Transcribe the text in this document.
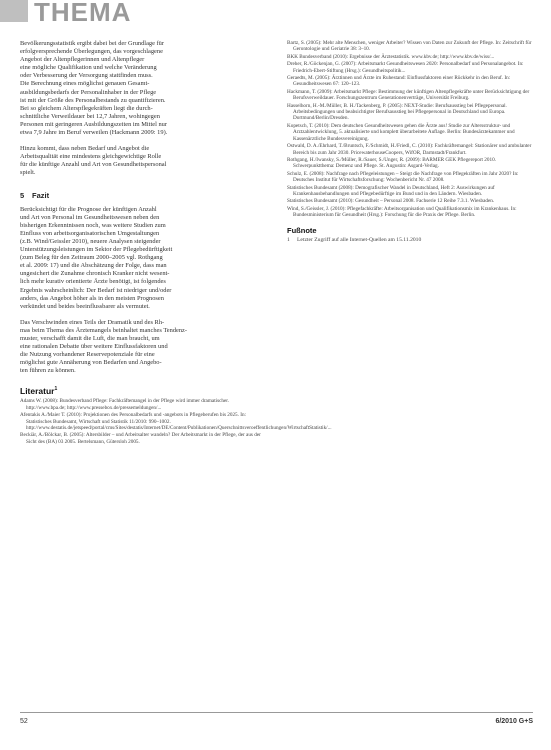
THEMA

Bevölkerungsstatistik ergibt dabei bei der Grundlage für

erfolgversprechende Überlegungen, das vorgeschlagene

Angebot der Altenpflegerinnen und Altenpfleger

eine mögliche Qualifikation und welche Veränderung

oder Verbesserung der Versorgung stattfinden muss.

Die Berechnung eines möglichst genauen Gesamt-

ausbildungsbedarfs der Personalinhaber in der Pflege

ist mit der Größe des Personalbestands zu quantifizieren.

Bei so gleichem Alterspflegekräften liegt die durch-

schnittliche Verweildauer bei 12,7 Jahren, wohingegen

Personen mit geringeren Ausbildungszeiten im Mittel nur

etwa 7,9 Jahre im Beruf verweilen (Hackmann 2009: 19).

Hinzu kommt, dass neben Bedarf und Angebot die

Arbeitsqualität eine mindestens gleichgewichtige Rolle

für die künftige Anzahl und Art von Gesundheitspersonal

spielt.

5 Fazit

Berücksichtigt für die Prognose der künftigen Anzahl

und Art von Personal im Gesundheitswesen neben den

bisherigen Erkenntnissen noch, was weitere Studien zum

Einfluss von arbeitsorganisatorischen Umgestaltungen

(z.B. Wind/Geissler 2010), neuere Analysen steigender

Unterstützungsleistungen im Sektor der Pflegebedürftigkeit

(zum Beleg für den Zeitraum 2000–2005 vgl. Rothgang

et al. 2009: 17) und die Abschätzung der Folge, dass man

ungesichert die Zunahme chronisch Kranker nicht wesent-

lich mehr kurativ orientierte Ärzte benötigt, ist folgendes

Ergebnis wahrscheinlich: Der Bedarf ist niedriger und/oder

anders, das Angebot höher als in den meisten Prognosen

verkündet und beides beeinflussbarer als vermutet.

Das Verschwinden eines Teils der Dramatik und des Rh-

mas beim Thema des Ärztemangels beinhaltet manches Tendenz-

muster, verschafft damit die Luft, die man braucht, um

eine rationalen Debatte über weitere Einflussfaktoren und

die Nutzung vorhandener Reservepotenziale für eine

möglichst gute Annäherung von Bedarfen und Angebo-

ten führen zu können.

Literatur$^1$
Adams W. (2008): Bundesverband Pflege: Fachkräftemangel in der Pflege wird immer dramatischer. http://www.bpa.de; http://www.pressebox.de/pressemeldungen/...
Afentakis A./Maier T. (2010): Projektionen des Personalbedarfs und -angebots in Pflegeberufen bis 2025. In: Statistisches Bundesamt, Wirtschaft und Statistik 11/2010: 990–1002. http://www.destatis.de/jetspeed/portal/cms/Sites/destatis/Internet/DE/Content/Publikationen/Querschnittsveroeffentlichungen/WirtschaftStatistik/...
Beckiär, A./Bölckar, B. (2005): Altersbilder – und Arbeitsalter wandeln? Der Arbeitsmarkt in der Pflege, der aus der Sicht des (BA) 03 2005. Bertelsmann, Gütersloh 2005.
Bartz, S. (2005): Mehr alte Menschen, weniger Arbeiter? Wissen von Daten zur Zukunft der Pflege. In: Zeitschrift für Gerontologie und Geriatrie 38: 3–10.
BKK Bundesverband (2010): Ergebnisse der Ärztestatistik. www.kbv.de; http://www.kbv.de/wiss/...
Dreher, R./Göckenjan, G. (2007): Arbeitsmarkt Gesundheitswesen 2020: Personalbedarf und Personalangebot. In: Friedrich-Ebert-Stiftung (Hrsg.): Gesundheitspolitik...
Geraedts, M. (2005): Ärztinnen und Ärzte im Ruhestand: Einflussfaktoren einer Rückkehr in den Beruf. In: Gesundheitswesen 67: 120–123.
Hackmann, T. (2009): Arbeitsmarkt Pflege: Bestimmung der künftigen Altenpflegekräfte unter Berücksichtigung der Berufsverweildauer. Forschungszentrum Generationenverträge, Universität Freiburg.
Hasselhorn, H.-M./Müller, B. H./Tackenberg, P. (2005): NEXT-Studie: Berufsausstieg bei Pflegepersonal. Arbeitsbedingungen und beabsichtigter Berufsausstieg bei Pflegepersonal in Deutschland und Europa. Dortmund/Berlin/Dresden.
Kopetsch, T. (2010): Dem deutschen Gesundheitswesen gehen die Ärzte aus! Studie zur Altersstruktur- und Arztzahlentwicklung, 5. aktualisierte und komplett überarbeitete Auflage. Berlin: Bundesärztekammer und Kassenärztliche Bundesvereinigung.
Ostwald, D. A./Ehrhard, T./Bruntsch, F./Schmidt, H./Friedl, C. (2010): Fachkräftemangel: Stationärer und ambulanter Bereich bis zum Jahr 2030. PricewaterhouseCoopers, WifOR, Darmstadt/Frankfurt.
Rothgang, H./Iwansky, S./Müller, R./Sauer, S./Unger, R. (2009): BARMER GEK Pflegereport 2010. Schwerpunktthema: Demenz und Pflege. St. Augustin: Asgard-Verlag.
Schulz, E. (2008): Nachfrage nach Pflegeleistungen – Steigt die Nachfrage von Pflegekräften im Jahr 2020? In: Deutsches Institut für Wirtschaftsforschung: Wochenbericht Nr. 47 2008.
Statistisches Bundesamt (2008): Demografischer Wandel in Deutschland, Heft 2: Auswirkungen auf Krankenhausbehandlungen und Pflegebedürftige im Bund und in den Ländern. Wiesbaden.
Statistisches Bundesamt (2010): Gesundheit – Personal 2008. Fachserie 12 Reihe 7.3.1. Wiesbaden.
Wind, S./Geissler, J. (2010): Pflegefachkräfte: Arbeitsorganisation und Qualifikationsmix im Krankenhaus. In: Bundesministerium für Gesundheit (Hrsg.): Forschung für die Praxis der Pflege. Berlin.
Fußnote
1 Letzter Zugriff auf alle Internet-Quellen am 15.11.2010
52	6/2010 G+S
